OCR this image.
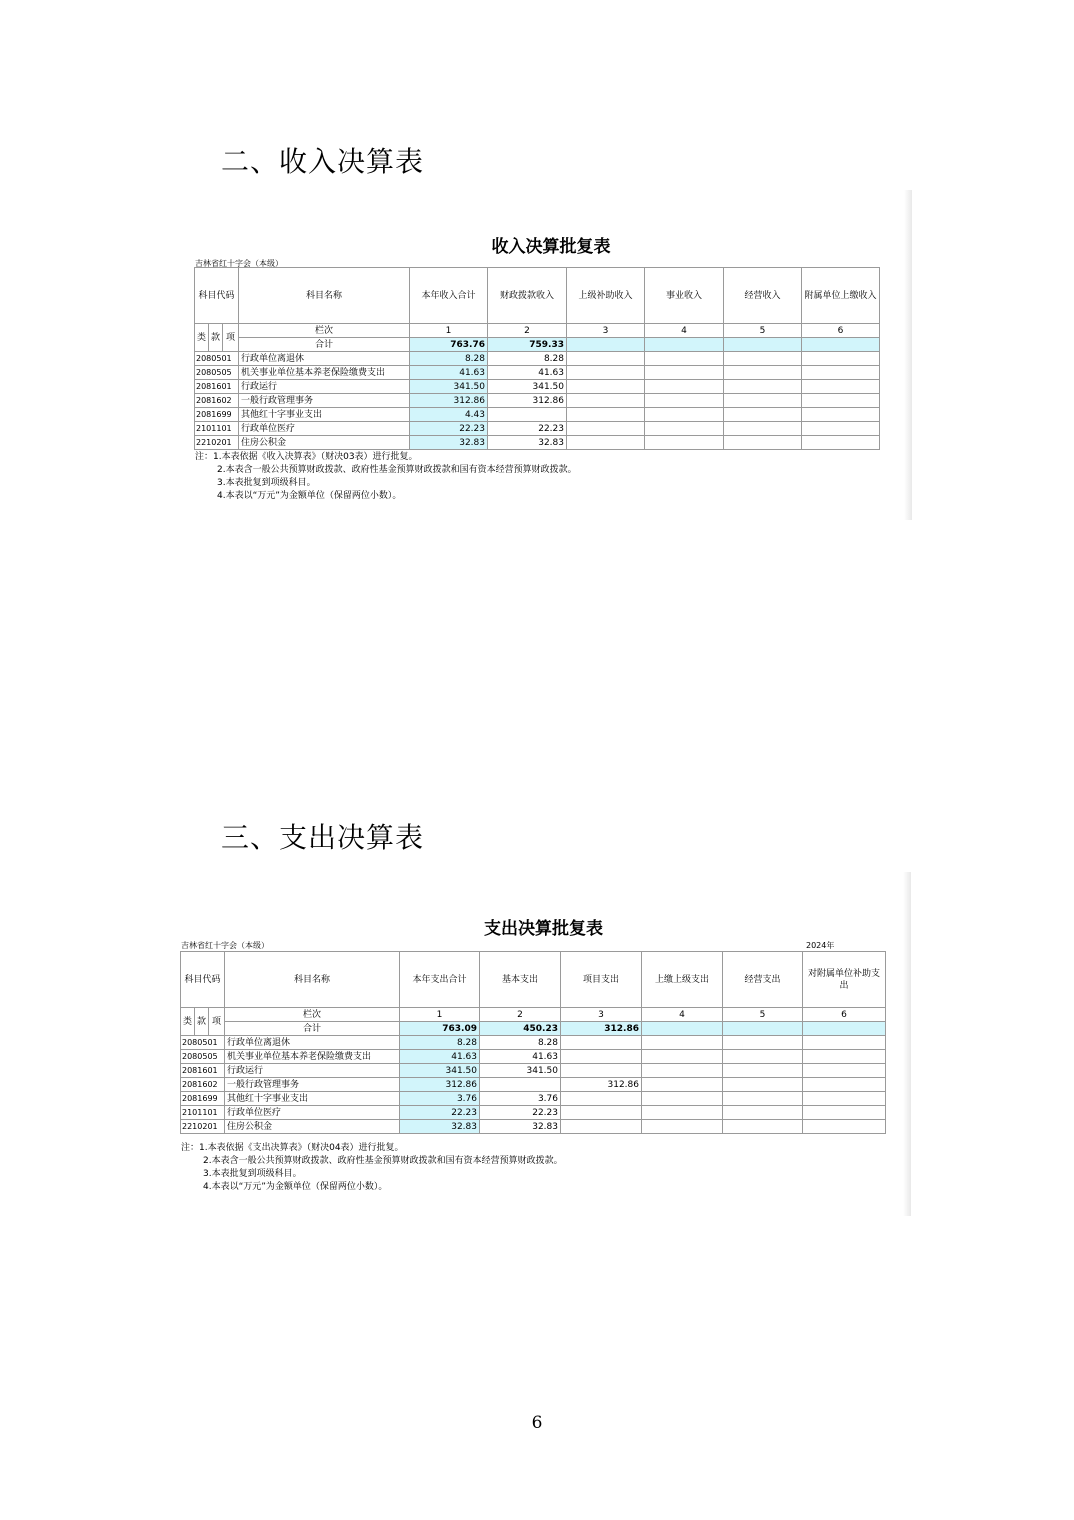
二、收入决算表
收入决算批复表
吉林省红十字会（本级）
科目代码			科目名称	本年收入合计	财政拨款收入	上级补助收入	事业收入	经营收入	附属单位上缴收入
类	款	项	栏次	1	2	3	4	5	6
			合计	763.76	759.33				
2080501			行政单位离退休	8.28	8.28				
2080505			机关事业单位基本养老保险缴费支出	41.63	41.63				
2081601			行政运行	341.50	341.50				
2081602			一般行政管理事务	312.86	312.86				
2081699			其他红十字事业支出	4.43					
2101101			行政单位医疗	22.23	22.23				
2210201			住房公积金	32.83	32.83				
注：1.本表依据《收入决算表》（财决03表）进行批复。
2.本表含一般公共预算财政拨款、政府性基金预算财政拨款和国有资本经营预算财政拨款。
3.本表批复到项级科目。
4.本表以“万元”为金额单位（保留两位小数）。
三、支出决算表
支出决算批复表
吉林省红十字会（本级）	2024年
科目代码			科目名称	本年支出合计	基本支出	项目支出	上缴上级支出	经营支出	对附属单位补助支出
类	款	项	栏次	1	2	3	4	5	6
			合计	763.09	450.23	312.86			
2080501			行政单位离退休	8.28	8.28				
2080505			机关事业单位基本养老保险缴费支出	41.63	41.63				
2081601			行政运行	341.50	341.50				
2081602			一般行政管理事务	312.86		312.86			
2081699			其他红十字事业支出	3.76	3.76				
2101101			行政单位医疗	22.23	22.23				
2210201			住房公积金	32.83	32.83				
注：1.本表依据《支出决算表》（财决04表）进行批复。
2.本表含一般公共预算财政拨款、政府性基金预算财政拨款和国有资本经营预算财政拨款。
3.本表批复到项级科目。
4.本表以“万元”为金额单位（保留两位小数）。
6
